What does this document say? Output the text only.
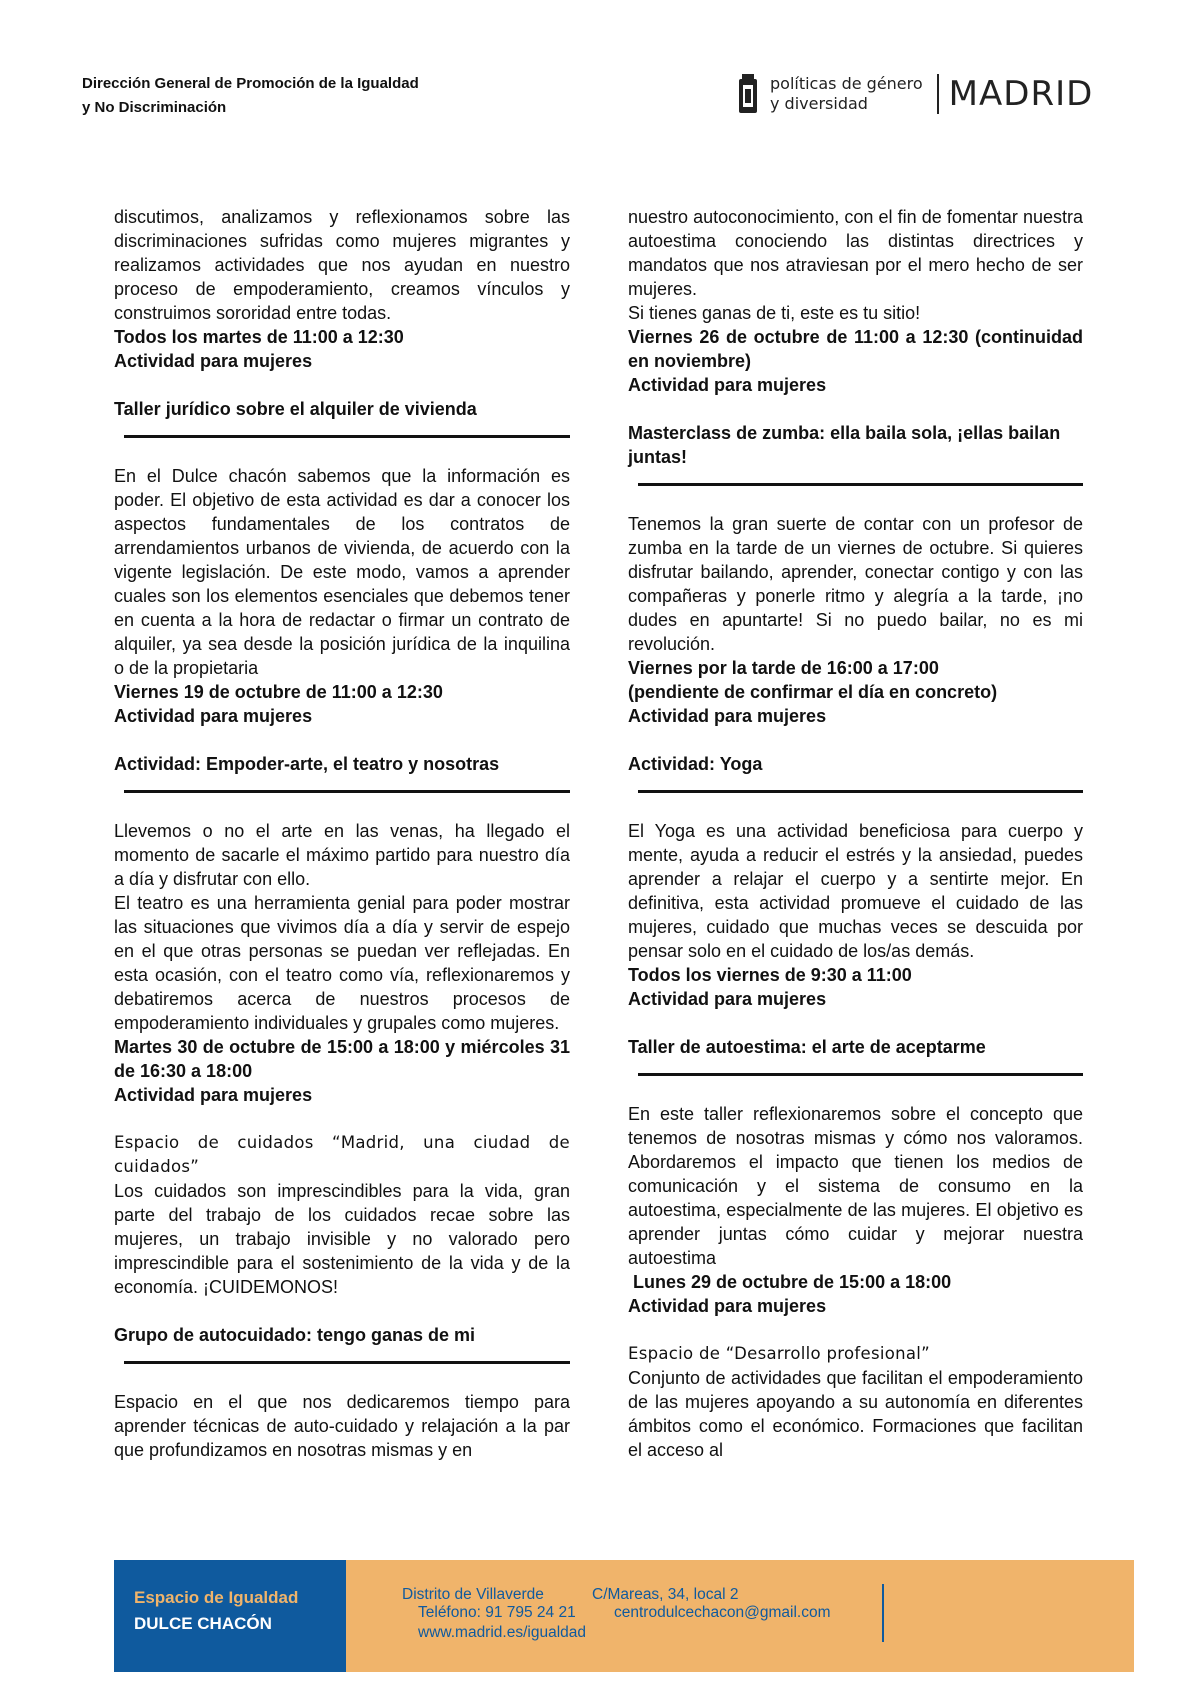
Dirección General de Promoción de la Igualdad
y No Discriminación
políticas de género
y diversidad	MADRID

discutimos, analizamos y reflexionamos sobre las discriminaciones sufridas como mujeres migrantes y realizamos actividades que nos ayudan en nuestro proceso de empoderamiento, creamos vínculos y construimos sororidad entre todas.

Todos los martes de 11:00 a 12:30

Actividad para mujeres

Taller jurídico sobre el alquiler de vivienda

En el Dulce chacón sabemos que la información es poder. El objetivo de esta actividad es dar a conocer los aspectos fundamentales de los contratos de arrendamientos urbanos de vivienda, de acuerdo con la vigente legislación. De este modo, vamos a aprender cuales son los elementos esenciales que debemos tener en cuenta a la hora de redactar o firmar un contrato de alquiler, ya sea desde la posición jurídica de la inquilina o de la propietaria

Viernes 19 de octubre de 11:00 a 12:30

Actividad para mujeres

Actividad: Empoder-arte, el teatro y nosotras

Llevemos o no el arte en las venas, ha llegado el momento de sacarle el máximo partido para nuestro día a día y disfrutar con ello.

El teatro es una herramienta genial para poder mostrar las situaciones que vivimos día a día y servir de espejo en el que otras personas se puedan ver reflejadas. En esta ocasión, con el teatro como vía, reflexionaremos y debatiremos acerca de nuestros procesos de empoderamiento individuales y grupales como mujeres.

Martes 30 de octubre de 15:00 a 18:00 y miércoles 31 de 16:30 a 18:00

Actividad para mujeres

Espacio de cuidados “Madrid, una ciudad de cuidados”

Los cuidados son imprescindibles para la vida, gran parte del trabajo de los cuidados recae sobre las mujeres, un trabajo invisible y no valorado pero imprescindible para el sostenimiento de la vida y de la economía. ¡CUIDEMONOS!

Grupo de autocuidado: tengo ganas de mi

Espacio en el que nos dedicaremos tiempo para aprender técnicas de auto-cuidado y relajación a la par que profundizamos en nosotras mismas y en

nuestro autoconocimiento, con el fin de fomentar nuestra autoestima conociendo las distintas directrices y mandatos que nos atraviesan por el mero hecho de ser mujeres.

Si tienes ganas de ti, este es tu sitio!

Viernes 26 de octubre de 11:00 a 12:30 (continuidad en noviembre)

Actividad para mujeres

Masterclass de zumba: ella baila sola, ¡ellas bailan juntas!

Tenemos la gran suerte de contar con un profesor de zumba en la tarde de un viernes de octubre. Si quieres disfrutar bailando, aprender, conectar contigo y con las compañeras y ponerle ritmo y alegría a la tarde, ¡no dudes en apuntarte! Si no puedo bailar, no es mi revolución.

Viernes por la tarde de 16:00 a 17:00

(pendiente de confirmar el día en concreto)

Actividad para mujeres

Actividad: Yoga

El Yoga es una actividad beneficiosa para cuerpo y mente, ayuda a reducir el estrés y la ansiedad, puedes aprender a relajar el cuerpo y a sentirte mejor. En definitiva, esta actividad promueve el cuidado de las mujeres, cuidado que muchas veces se descuida por pensar solo en el cuidado de los/as demás.

Todos los viernes de 9:30 a 11:00

Actividad para mujeres

Taller de autoestima: el arte de aceptarme

En este taller reflexionaremos sobre el concepto que tenemos de nosotras mismas y cómo nos valoramos. Abordaremos el impacto que tienen los medios de comunicación y el sistema de consumo en la autoestima, especialmente de las mujeres. El objetivo es aprender juntas cómo cuidar y mejorar nuestra autoestima

Lunes 29 de octubre de 15:00 a 18:00

Actividad para mujeres

Espacio de “Desarrollo profesional”

Conjunto de actividades que facilitan el empoderamiento de las mujeres apoyando a su autonomía en diferentes ámbitos como el económico. Formaciones que facilitan el acceso al

Espacio de Igualdad
DULCE CHACÓN
Distrito de Villaverde	C/Mareas, 34, local 2
Teléfono: 91 795 24 21 centrodulcechacon@gmail.com
www.madrid.es/igualdad
